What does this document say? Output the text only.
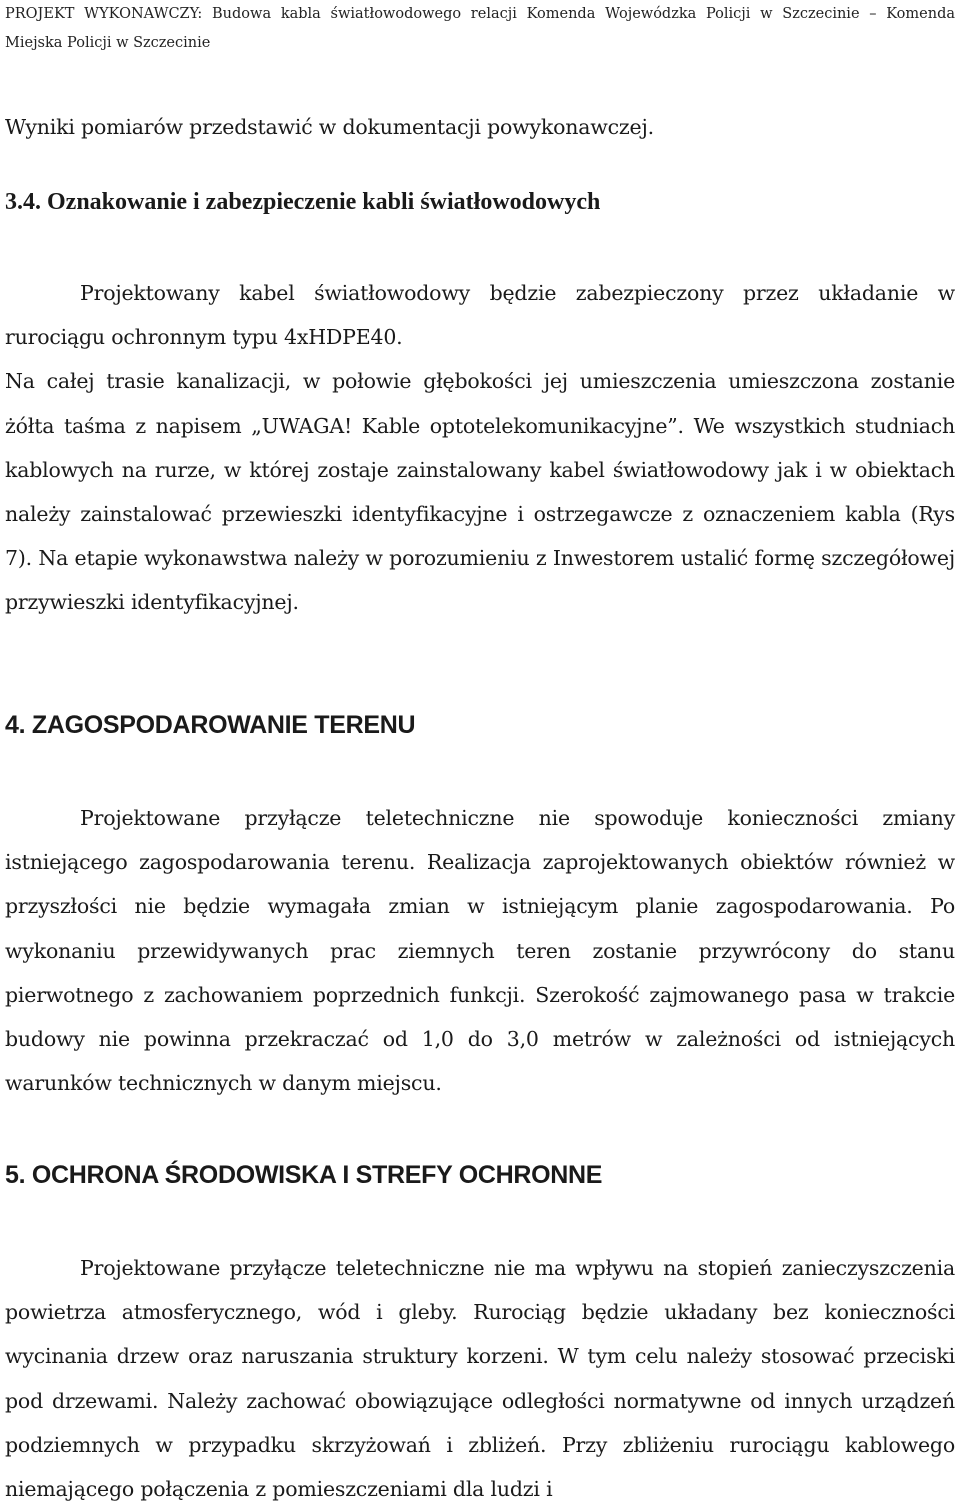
PROJEKT WYKONAWCZY: Budowa kabla światłowodowego relacji Komenda Wojewódzka Policji w Szczecinie – Komenda Miejska Policji w Szczecinie

Wyniki pomiarów przedstawić w dokumentacji powykonawczej.

3.4. Oznakowanie i zabezpieczenie kabli światłowodowych

Projektowany kabel światłowodowy będzie zabezpieczony przez układanie w rurociągu ochronnym typu 4xHDPE40.

Na całej trasie kanalizacji, w połowie głębokości jej umieszczenia umieszczona zostanie żółta taśma z napisem „UWAGA! Kable optotelekomunikacyjne”. We wszystkich studniach kablowych na rurze, w której zostaje zainstalowany kabel światłowodowy jak i w obiektach należy zainstalować przewieszki identyfikacyjne i ostrzegawcze z oznaczeniem kabla (Rys 7). Na etapie wykonawstwa należy w porozumieniu z Inwestorem ustalić formę szczegółowej przywieszki identyfikacyjnej.

4. ZAGOSPODAROWANIE TERENU

Projektowane przyłącze teletechniczne nie spowoduje konieczności zmiany istniejącego zagospodarowania terenu. Realizacja zaprojektowanych obiektów również w przyszłości nie będzie wymagała zmian w istniejącym planie zagospodarowania. Po wykonaniu przewidywanych prac ziemnych teren zostanie przywrócony do stanu pierwotnego z zachowaniem poprzednich funkcji. Szerokość zajmowanego pasa w trakcie budowy nie powinna przekraczać od 1,0 do 3,0 metrów w zależności od istniejących warunków technicznych w danym miejscu.

5. OCHRONA ŚRODOWISKA I STREFY OCHRONNE

Projektowane przyłącze teletechniczne nie ma wpływu na stopień zanieczyszczenia powietrza atmosferycznego, wód i gleby. Rurociąg będzie układany bez konieczności wycinania drzew oraz naruszania struktury korzeni. W tym celu należy stosować przeciski pod drzewami. Należy zachować obowiązujące odległości normatywne od innych urządzeń podziemnych w przypadku skrzyżowań i zbliżeń. Przy zbliżeniu rurociągu kablowego niemającego połączenia z pomieszczeniami dla ludzi i
